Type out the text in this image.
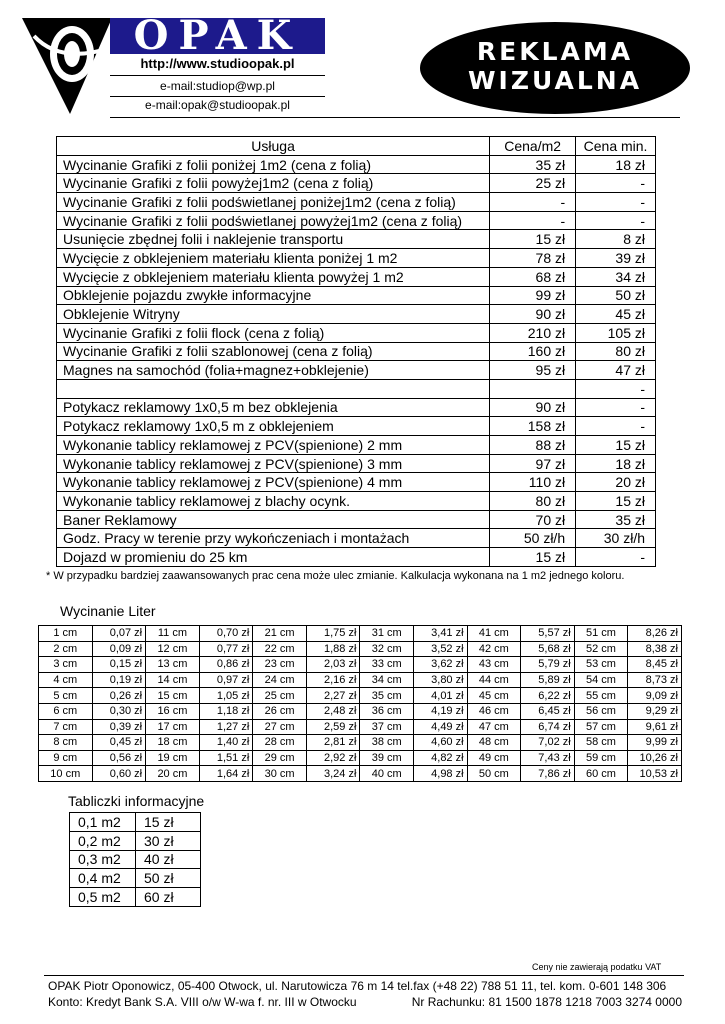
OPAK
http://www.studioopak.pl
e-mail:studiop@wp.pl
e-mail:opak@studioopak.pl
REKLAMA
WIZUALNA
Usługa	Cena/m2	Cena min.
Wycinanie Grafiki z folii poniżej 1m2 (cena z folią)	35 zł	18 zł
Wycinanie Grafiki z folii powyżej1m2 (cena z folią)	25 zł	-
Wycinanie Grafiki z folii podświetlanej poniżej1m2 (cena z folią)	-	-
Wycinanie Grafiki z folii podświetlanej powyżej1m2 (cena z folią)	-	-
Usunięcie zbędnej folii i naklejenie transportu	15 zł	8 zł
Wycięcie z obklejeniem materiału klienta poniżej 1 m2	78 zł	39 zł
Wycięcie z obklejeniem materiału klienta powyżej 1 m2	68 zł	34 zł
Obklejenie pojazdu zwykłe informacyjne	99 zł	50 zł
Obklejenie Witryny	90 zł	45 zł
Wycinanie Grafiki z folii flock (cena z folią)	210 zł	105 zł
Wycinanie Grafiki z folii szablonowej (cena z folią)	160 zł	80 zł
Magnes na samochód (folia+magnez+obklejenie)	95 zł	47 zł
		-
Potykacz reklamowy 1x0,5 m bez obklejenia	90 zł	-
Potykacz reklamowy 1x0,5 m z obklejeniem	158 zł	-
Wykonanie tablicy reklamowej z PCV(spienione) 2 mm	88 zł	15 zł
Wykonanie tablicy reklamowej z PCV(spienione) 3 mm	97 zł	18 zł
Wykonanie tablicy reklamowej z PCV(spienione) 4 mm	110 zł	20 zł
Wykonanie tablicy reklamowej z blachy ocynk.	80 zł	15 zł
Baner Reklamowy	70 zł	35 zł
Godz. Pracy w terenie przy wykończeniach i montażach	50 zł/h	30 zł/h
Dojazd w promieniu do 25 km	15 zł	-
* W przypadku bardziej zaawansowanych prac cena może ulec zmianie. Kalkulacja wykonana na 1 m2 jednego koloru.
Wycinanie Liter
1 cm	0,07 zł	11 cm	0,70 zł	21 cm	1,75 zł	31 cm	3,41 zł	41 cm	5,57 zł	51 cm	8,26 zł
2 cm	0,09 zł	12 cm	0,77 zł	22 cm	1,88 zł	32 cm	3,52 zł	42 cm	5,68 zł	52 cm	8,38 zł
3 cm	0,15 zł	13 cm	0,86 zł	23 cm	2,03 zł	33 cm	3,62 zł	43 cm	5,79 zł	53 cm	8,45 zł
4 cm	0,19 zł	14 cm	0,97 zł	24 cm	2,16 zł	34 cm	3,80 zł	44 cm	5,89 zł	54 cm	8,73 zł
5 cm	0,26 zł	15 cm	1,05 zł	25 cm	2,27 zł	35 cm	4,01 zł	45 cm	6,22 zł	55 cm	9,09 zł
6 cm	0,30 zł	16 cm	1,18 zł	26 cm	2,48 zł	36 cm	4,19 zł	46 cm	6,45 zł	56 cm	9,29 zł
7 cm	0,39 zł	17 cm	1,27 zł	27 cm	2,59 zł	37 cm	4,49 zł	47 cm	6,74 zł	57 cm	9,61 zł
8 cm	0,45 zł	18 cm	1,40 zł	28 cm	2,81 zł	38 cm	4,60 zł	48 cm	7,02 zł	58 cm	9,99 zł
9 cm	0,56 zł	19 cm	1,51 zł	29 cm	2,92 zł	39 cm	4,82 zł	49 cm	7,43 zł	59 cm	10,26 zł
10 cm	0,60 zł	20 cm	1,64 zł	30 cm	3,24 zł	40 cm	4,98 zł	50 cm	7,86 zł	60 cm	10,53 zł
Tabliczki informacyjne
0,1 m2	15 zł
0,2 m2	30 zł
0,3 m2	40 zł
0,4 m2	50 zł
0,5 m2	60 zł
Ceny nie zawierają podatku VAT
OPAK Piotr Oponowicz, 05-400 Otwock, ul. Narutowicza 76 m 14 tel.fax (+48 22) 788 51 11, tel. kom. 0-601 148 306
Konto: Kredyt Bank S.A. VIII o/w W-wa f. nr. III w Otwocku	Nr Rachunku: 81 1500 1878 1218 7003 3274 0000
